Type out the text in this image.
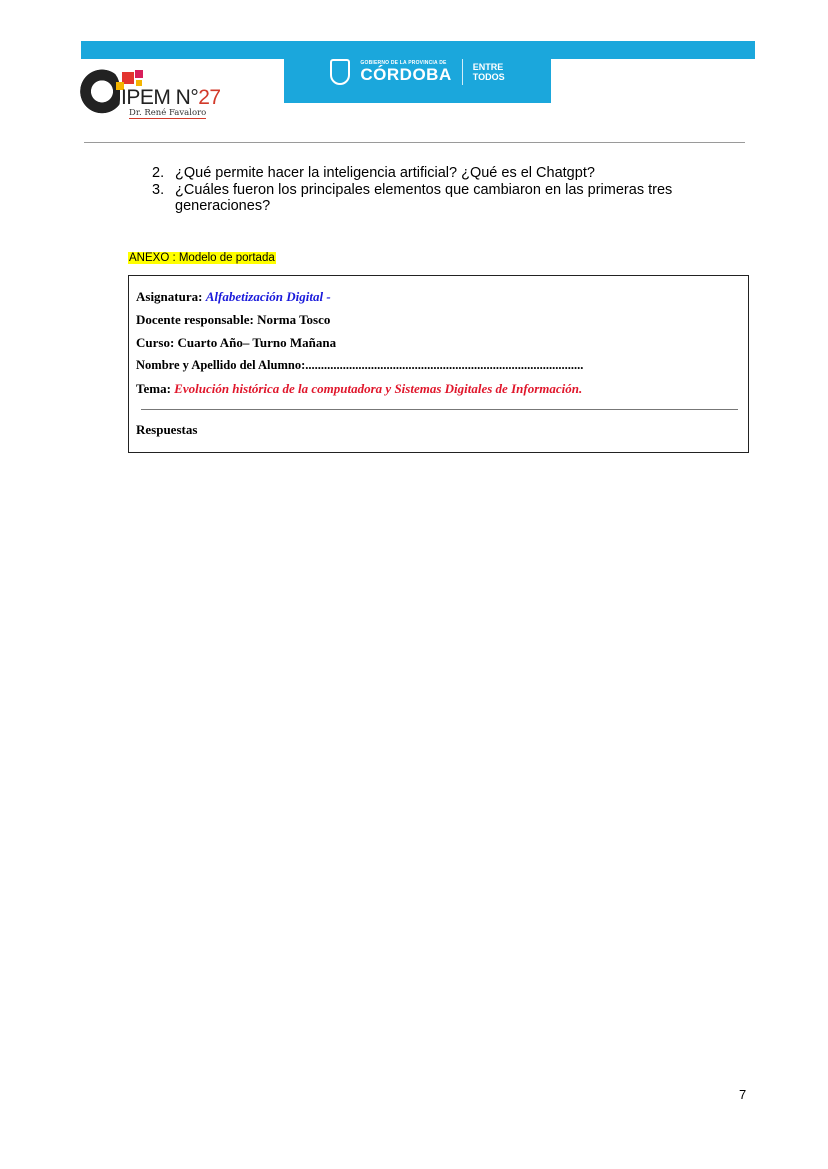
GOBIERNO DE LA PROVINCIA DE
CÓRDOBA ENTRE
TODOS
IPEM N°27
Dr. René Favaloro
2. ¿Qué permite hacer la inteligencia artificial? ¿Qué es el Chatgpt?
3. ¿Cuáles fueron los principales elementos que cambiaron en las primeras tres generaciones?
ANEXO : Modelo de portada
Asignatura: Alfabetización Digital -
Docente responsable: Norma Tosco
Curso: Cuarto Año– Turno Mañana
Nombre y Apellido del Alumno:.........................................................................................
Tema: Evolución histórica de la computadora y Sistemas Digitales de Información.
Respuestas
7
